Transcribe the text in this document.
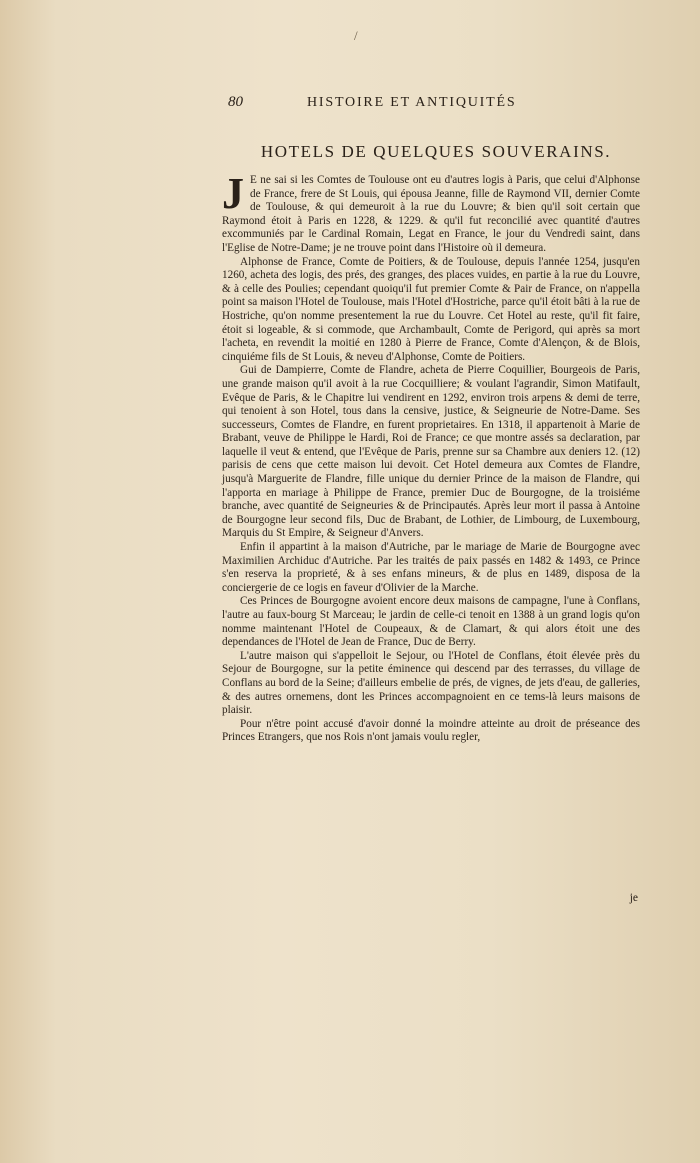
/
80	HISTOIRE ET ANTIQUITÉS
HOTELS DE QUELQUES SOUVERAINS.

J E ne sai si les Comtes de Toulouse ont eu d'autres logis à Paris, que celui d'Alphonse de France, frere de St Louis, qui épousa Jeanne, fille de Raymond VII, dernier Comte de Toulouse, & qui demeuroit à la rue du Louvre; & bien qu'il soit certain que Raymond étoit à Paris en 1228, & 1229. & qu'il fut reconcilié avec quantité d'autres excommuniés par le Cardinal Romain, Legat en France, le jour du Vendredi saint, dans l'Eglise de Notre-Dame; je ne trouve point dans l'Histoire où il demeura.

Alphonse de France, Comte de Poitiers, & de Toulouse, depuis l'année 1254, jusqu'en 1260, acheta des logis, des prés, des granges, des places vuides, en partie à la rue du Louvre, & à celle des Poulies; cependant quoiqu'il fut premier Comte & Pair de France, on n'appella point sa maison l'Hotel de Toulouse, mais l'Hotel d'Hostriche, parce qu'il étoit bâti à la rue de Hostriche, qu'on nomme presentement la rue du Louvre. Cet Hotel au reste, qu'il fit faire, étoit si logeable, & si commode, que Archambault, Comte de Perigord, qui après sa mort l'acheta, en revendit la moitié en 1280 à Pierre de France, Comte d'Alençon, & de Blois, cinquiéme fils de St Louis, & neveu d'Alphonse, Comte de Poitiers.

Gui de Dampierre, Comte de Flandre, acheta de Pierre Coquillier, Bourgeois de Paris, une grande maison qu'il avoit à la rue Cocquilliere; & voulant l'agrandir, Simon Matifault, Evêque de Paris, & le Chapitre lui vendirent en 1292, environ trois arpens & demi de terre, qui tenoient à son Hotel, tous dans la censive, justice, & Seigneurie de Notre-Dame. Ses successeurs, Comtes de Flandre, en furent proprietaires. En 1318, il appartenoit à Marie de Brabant, veuve de Philippe le Hardi, Roi de France; ce que montre assés sa declaration, par laquelle il veut & entend, que l'Evêque de Paris, prenne sur sa Chambre aux deniers 12. (12) parisis de cens que cette maison lui devoit. Cet Hotel demeura aux Comtes de Flandre, jusqu'à Marguerite de Flandre, fille unique du dernier Prince de la maison de Flandre, qui l'apporta en mariage à Philippe de France, premier Duc de Bourgogne, de la troisiéme branche, avec quantité de Seigneuries & de Principautés. Après leur mort il passa à Antoine de Bourgogne leur second fils, Duc de Brabant, de Lothier, de Limbourg, de Luxembourg, Marquis du St Empire, & Seigneur d'Anvers.

Enfin il appartint à la maison d'Autriche, par le mariage de Marie de Bourgogne avec Maximilien Archiduc d'Autriche. Par les traités de paix passés en 1482 & 1493, ce Prince s'en reserva la proprieté, & à ses enfans mineurs, & de plus en 1489, disposa de la conciergerie de ce logis en faveur d'Olivier de la Marche.

Ces Princes de Bourgogne avoient encore deux maisons de campagne, l'une à Conflans, l'autre au faux-bourg St Marceau; le jardin de celle-ci tenoit en 1388 à un grand logis qu'on nomme maintenant l'Hotel de Coupeaux, & de Clamart, & qui alors étoit une des dependances de l'Hotel de Jean de France, Duc de Berry.

L'autre maison qui s'appelloit le Sejour, ou l'Hotel de Conflans, étoit élevée près du Sejour de Bourgogne, sur la petite éminence qui descend par des terrasses, du village de Conflans au bord de la Seine; d'ailleurs embelie de prés, de vignes, de jets d'eau, de galleries, & des autres ornemens, dont les Princes accompagnoient en ce tems-là leurs maisons de plaisir.

Pour n'être point accusé d'avoir donné la moindre atteinte au droit de préseance des Princes Etrangers, que nos Rois n'ont jamais voulu regler,

je
